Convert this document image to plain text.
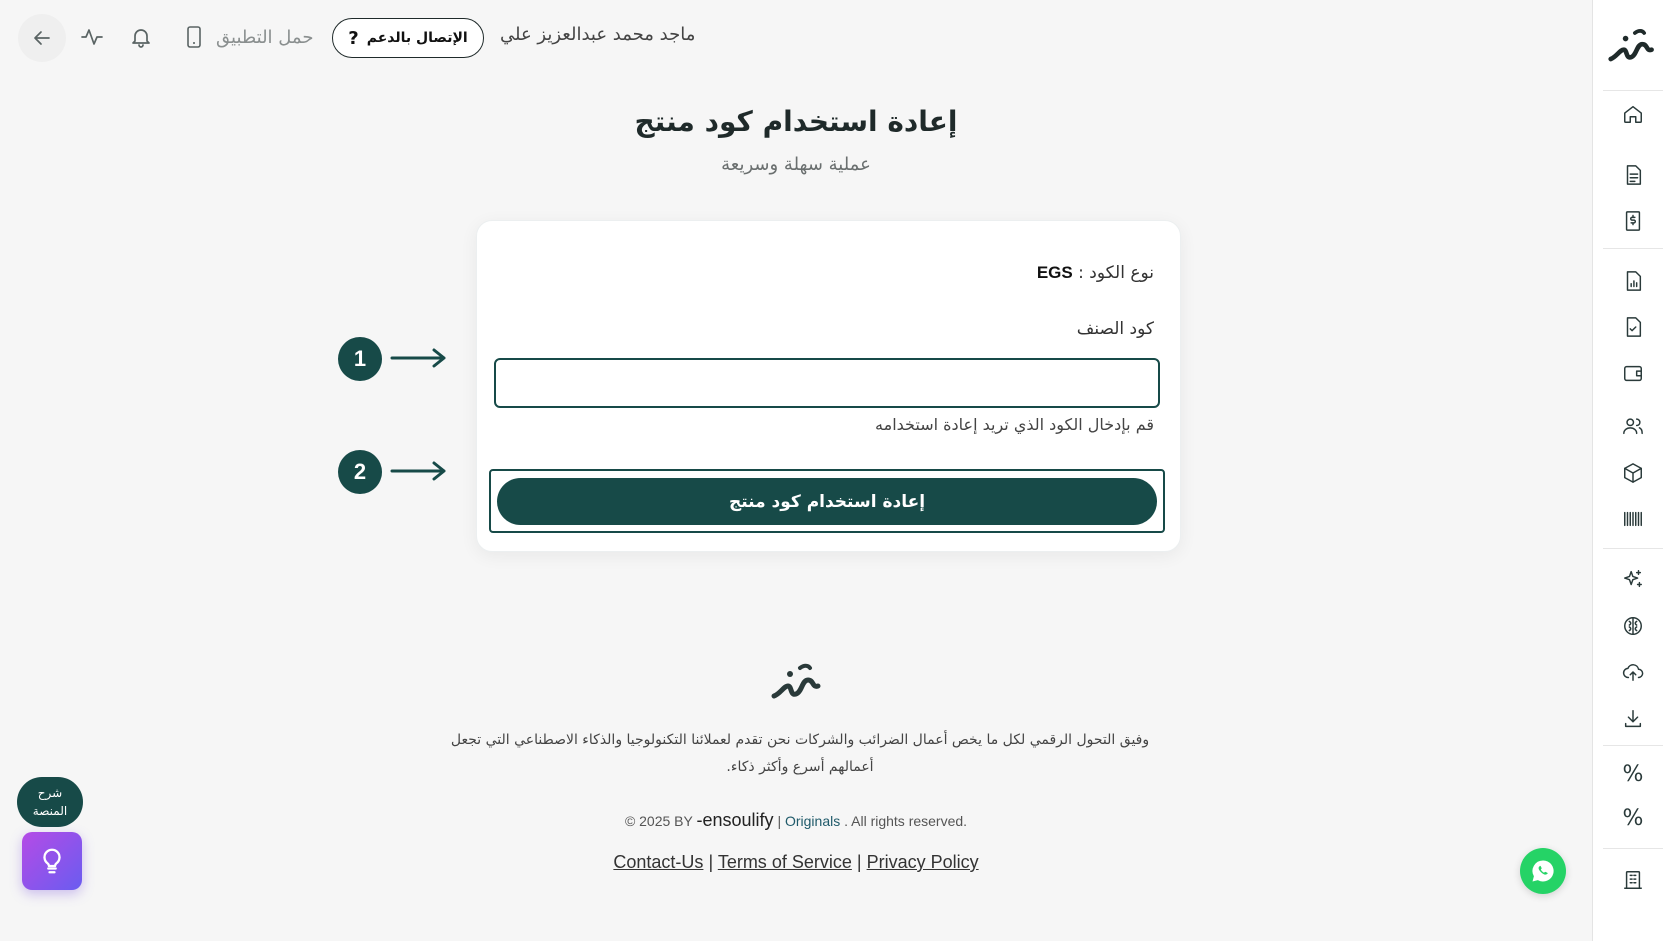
حمل التطبيق	الإتصال بالدعم
?	ماجد محمد عبدالعزيز علي
إعادة استخدام كود منتج

عملية سهلة وسريعة

1
2
نوع الكود : EGS
كود الصنف
قم بإدخال الكود الذي تريد إعادة استخدامه
إعادة استخدام كود منتج

وفيق التحول الرقمي لكل ما يخص أعمال الضرائب والشركات نحن تقدم لعملائنا التكنولوجيا والذكاء الاصطناعي التي تجعل أعمالهم أسرع وأكثر ذكاء.

© 2025 BY -ensoulify | Originals . All rights reserved.
Contact-Us | Terms of Service | Privacy Policy
شرح المنصة
%
%
